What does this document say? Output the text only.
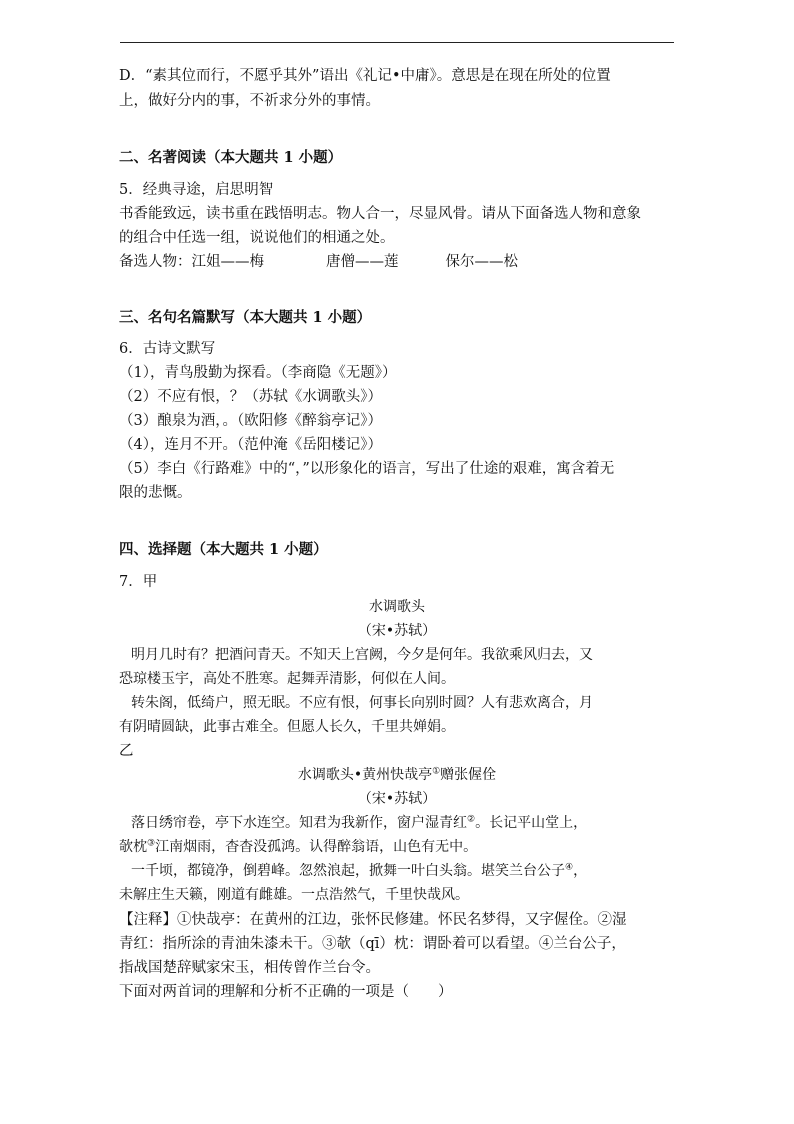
D．“素其位而行，不愿乎其外”语出《礼记•中庸》。意思是在现在所处的位置
上，做好分内的事，不祈求分外的事情。
二、名著阅读（本大题共 1 小题）
5．经典寻途，启思明智
书香能致远，读书重在践悟明志。物人合一，尽显风骨。请从下面备选人物和意象
的组合中任选一组，说说他们的相通之处。
备选人物：江姐——梅	唐僧——莲	保尔——松
三、名句名篇默写（本大题共 1 小题）
6．古诗文默写
（1），青鸟殷勤为探看。（李商隐《无题》）
（2）不应有恨，？（苏轼《水调歌头》）
（3）酿泉为酒，。（欧阳修《醉翁亭记》）
（4），连月不开。（范仲淹《岳阳楼记》）
（5）李白《行路难》中的“，”以形象化的语言，写出了仕途的艰难，寓含着无
限的悲慨。
四、选择题（本大题共 1 小题）
7．甲
水调歌头
（宋•苏轼）
明月几时有？把酒问青天。不知天上宫阙，今夕是何年。我欲乘风归去，又
恐琼楼玉宇，高处不胜寒。起舞弄清影，何似在人间。
转朱阁，低绮户，照无眠。不应有恨，何事长向别时圆？人有悲欢离合，月
有阴晴圆缺，此事古难全。但愿人长久，千里共婵娟。
乙
水调歌头•黄州快哉亭①赠张偓佺
（宋•苏轼）
落日绣帘卷，亭下水连空。知君为我新作，窗户湿青红②。长记平山堂上，
欹枕③江南烟雨，杳杳没孤鸿。认得醉翁语，山色有无中。
一千顷，都镜净，倒碧峰。忽然浪起，掀舞一叶白头翁。堪笑兰台公子④，
未解庄生天籁，刚道有雌雄。一点浩然气，千里快哉风。
【注释】①快哉亭：在黄州的江边，张怀民修建。怀民名梦得，又字偓佺。②湿
青红：指所涂的青油朱漆未干。③欹（qī）枕：谓卧着可以看望。④兰台公子，
指战国楚辞赋家宋玉，相传曾作兰台令。
下面对两首词的理解和分析不正确的一项是（　　）
